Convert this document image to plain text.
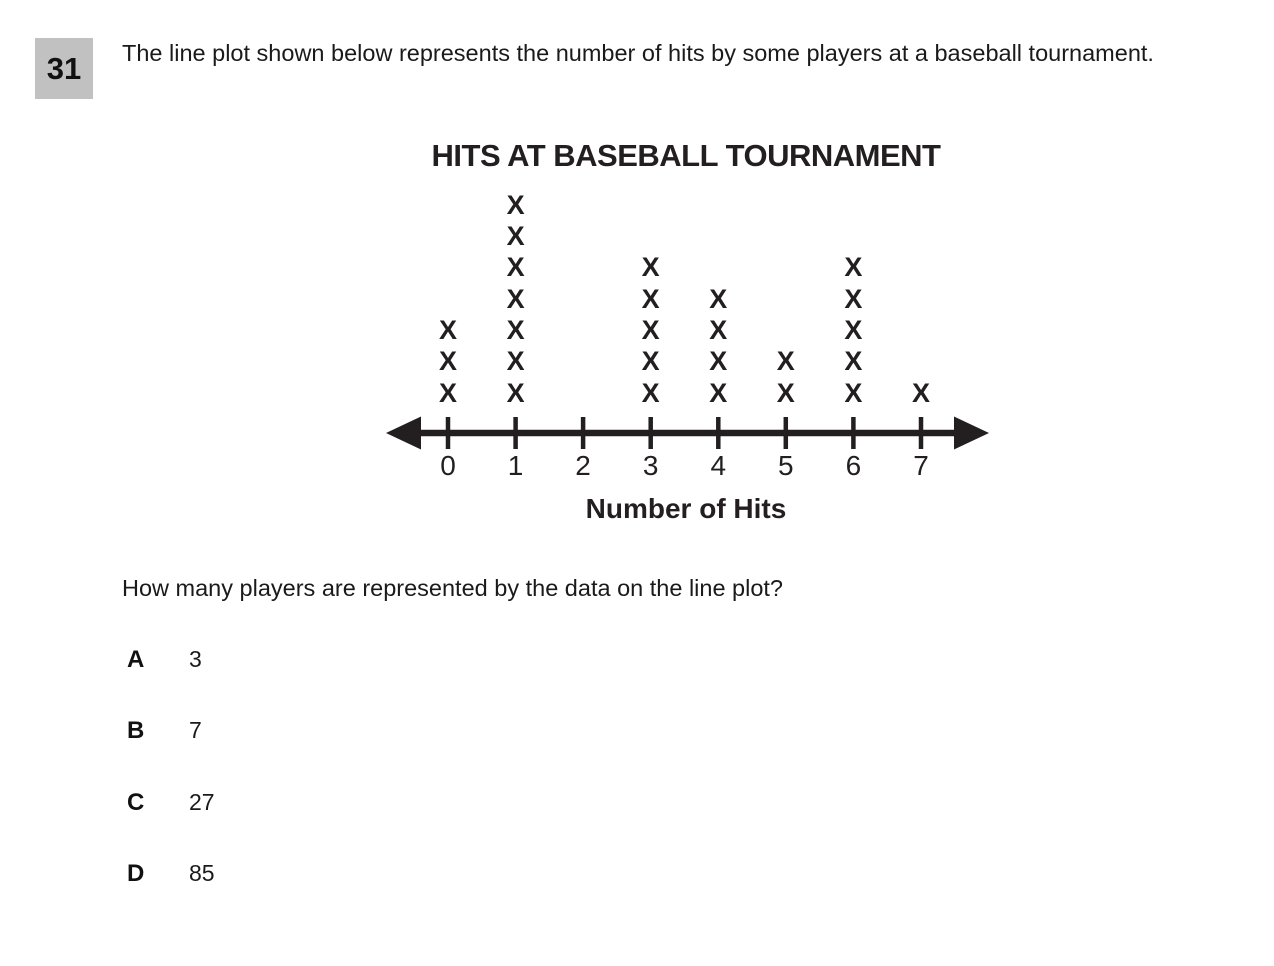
31 The line plot shown below represents the number of hits by some players at a baseball tournament.
HITS AT BASEBALL TOURNAMENT
X
X
X
0
X
X
X
X
X
X
X
1	2
X
X
X
X
X
3
X
X
X
X
4
X
X
5
X
X
X
X
X
6
X
7
Number of Hits
How many players are represented by the data on the line plot?
A 3
B 7
C 27
D 85
